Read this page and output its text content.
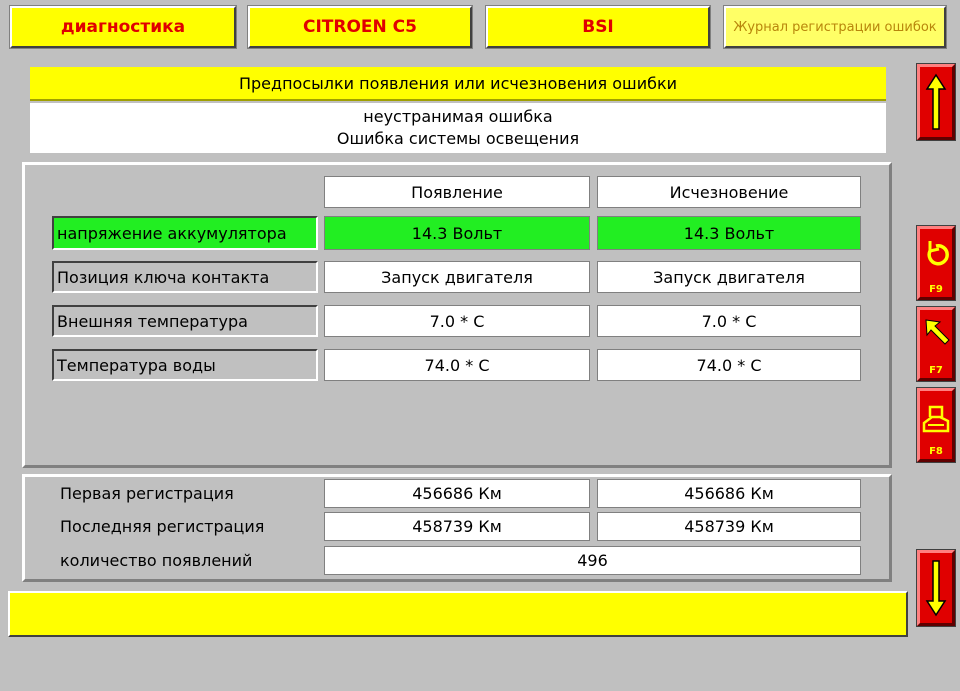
диагностика	CITROEN C5	BSI	Журнал регистрации ошибок
Предпосылки появления или исчезновения ошибки
неустранимая ошибка
Ошибка системы освещения
Появление	Исчезновение
напряжение аккумулятора	14.3 Вольт	14.3 Вольт
Позиция ключа контакта	Запуск двигателя	Запуск двигателя
Внешняя температура	7.0 * C	7.0 * C
Температура воды	74.0 * C	74.0 * C
Первая регистрация	456686 Км	456686 Км
Последняя регистрация	458739 Км	458739 Км
количество появлений	496
F9
F7
F8
